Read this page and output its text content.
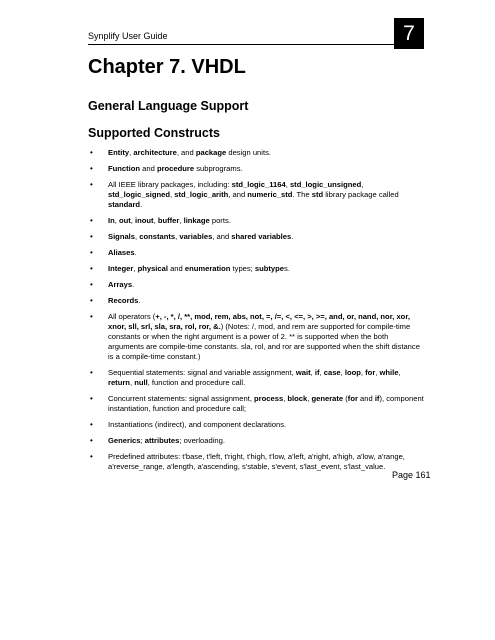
Synplify User Guide	7
Chapter 7. VHDL
General Language Support
Supported Constructs
• Entity, architecture, and package design units.
• Function and procedure subprograms.
• All IEEE library packages, including: std_logic_1164, std_logic_unsigned, std_logic_signed, std_logic_arith, and numeric_std. The std library package called standard.
• In, out, inout, buffer, linkage ports.
• Signals, constants, variables, and shared variables.
• Aliases.
• Integer, physical and enumeration types; subtypes.
• Arrays.
• Records.
• All operators (+, -, *, /, **, mod, rem, abs, not, =, /=, <, <=, >, >=, and, or, nand, nor, xor, xnor, sll, srl, sla, sra, rol, ror, &.) (Notes: /, mod, and rem are supported for compile-time constants or when the right argument is a power of 2. ** is supported when the both arguments are compile-time constants. sla, rol, and ror are supported when the shift distance is a compile-time constant.)
• Sequential statements: signal and variable assignment, wait, if, case, loop, for, while, return, null, function and procedure call.
• Concurrent statements: signal assignment, process, block, generate (for and if), component instantiation, function and procedure call;
• Instantiations (indirect), and component declarations.
• Generics; attributes; overloading.
• Predefined attributes: t'base, t'left, t'right, t'high, t'low, a'left, a'right, a'high, a'low, a'range, a'reverse_range, a'length, a'ascending, s'stable, s'event, s'last_event, s'last_value.
Page 161
